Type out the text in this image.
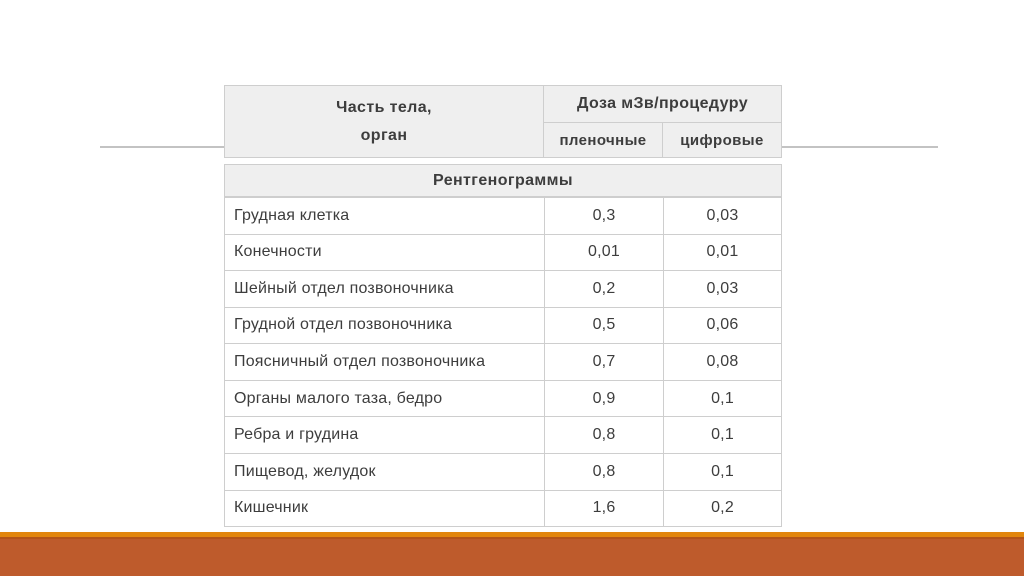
Часть тела,
орган
Доза мЗв/процедуру
пленочные	цифровые
Рентгенограммы
Грудная клетка	0,3	0,03
Конечности	0,01	0,01
Шейный отдел позвоночника	0,2	0,03
Грудной отдел позвоночника	0,5	0,06
Поясничный отдел позвоночника	0,7	0,08
Органы малого таза, бедро	0,9	0,1
Ребра и грудина	0,8	0,1
Пищевод, желудок	0,8	0,1
Кишечник	1,6	0,2
